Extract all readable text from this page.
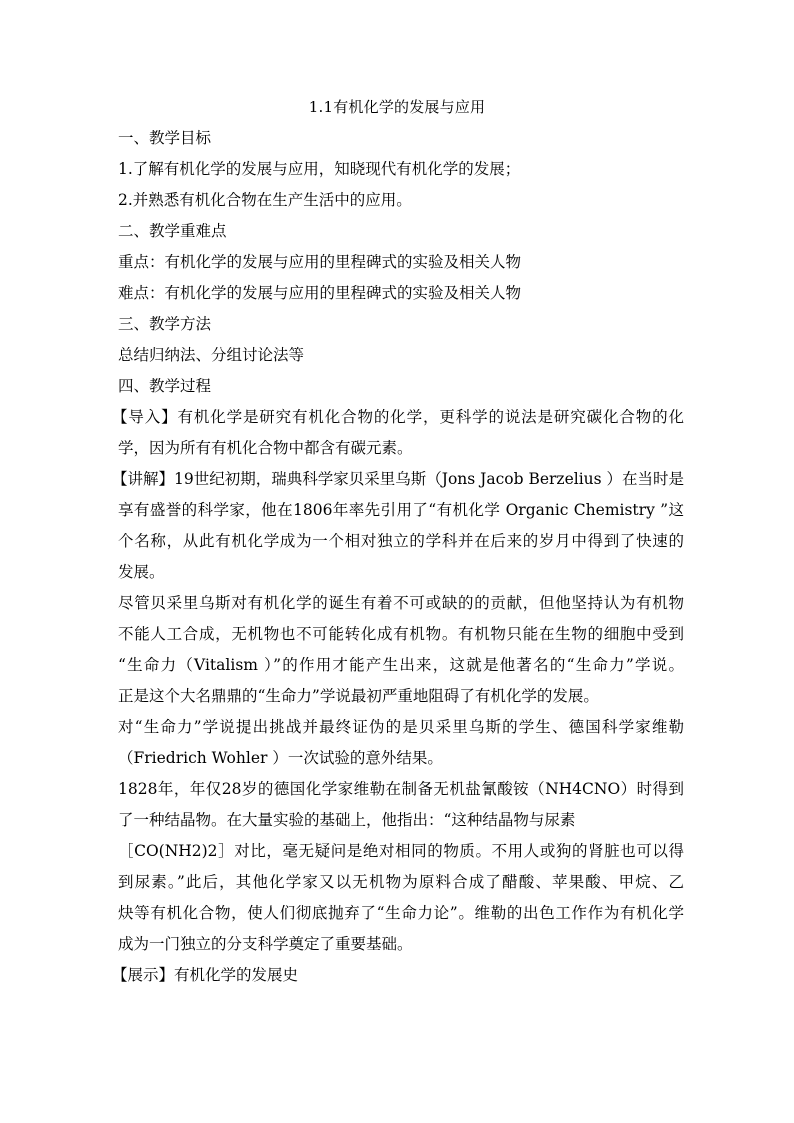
1.1有机化学的发展与应用
一、教学目标
1.了解有机化学的发展与应用，知晓现代有机化学的发展；
2.并熟悉有机化合物在生产生活中的应用。
二、教学重难点
重点：有机化学的发展与应用的里程碑式的实验及相关人物
难点：有机化学的发展与应用的里程碑式的实验及相关人物
三、教学方法
总结归纳法、分组讨论法等
四、教学过程
【导入】有机化学是研究有机化合物的化学，更科学的说法是研究碳化合物的化
学，因为所有有机化合物中都含有碳元素。
【讲解】19世纪初期，瑞典科学家贝采里乌斯（Jons Jacob Berzelius ）在当时是
享有盛誉的科学家，他在1806年率先引用了“有机化学 Organic Chemistry ”这
个名称，从此有机化学成为一个相对独立的学科并在后来的岁月中得到了快速的
发展。
尽管贝采里乌斯对有机化学的诞生有着不可或缺的的贡献，但他坚持认为有机物
不能人工合成，无机物也不可能转化成有机物。有机物只能在生物的细胞中受到
“生命力（Vitalism ）”的作用才能产生出来，这就是他著名的“生命力”学说。
正是这个大名鼎鼎的“生命力”学说最初严重地阻碍了有机化学的发展。
对“生命力”学说提出挑战并最终证伪的是贝采里乌斯的学生、德国科学家维勒
（Friedrich Wohler ）一次试验的意外结果。
1828年，年仅28岁的德国化学家维勒在制备无机盐氰酸铵（NH4CNO）时得到
了一种结晶物。在大量实验的基础上，他指出：“这种结晶物与尿素
［CO(NH2)2］对比，毫无疑问是绝对相同的物质。不用人或狗的肾脏也可以得
到尿素。”此后，其他化学家又以无机物为原料合成了醋酸、苹果酸、甲烷、乙
炔等有机化合物，使人们彻底抛弃了“生命力论”。维勒的出色工作作为有机化学
成为一门独立的分支科学奠定了重要基础。
【展示】有机化学的发展史
